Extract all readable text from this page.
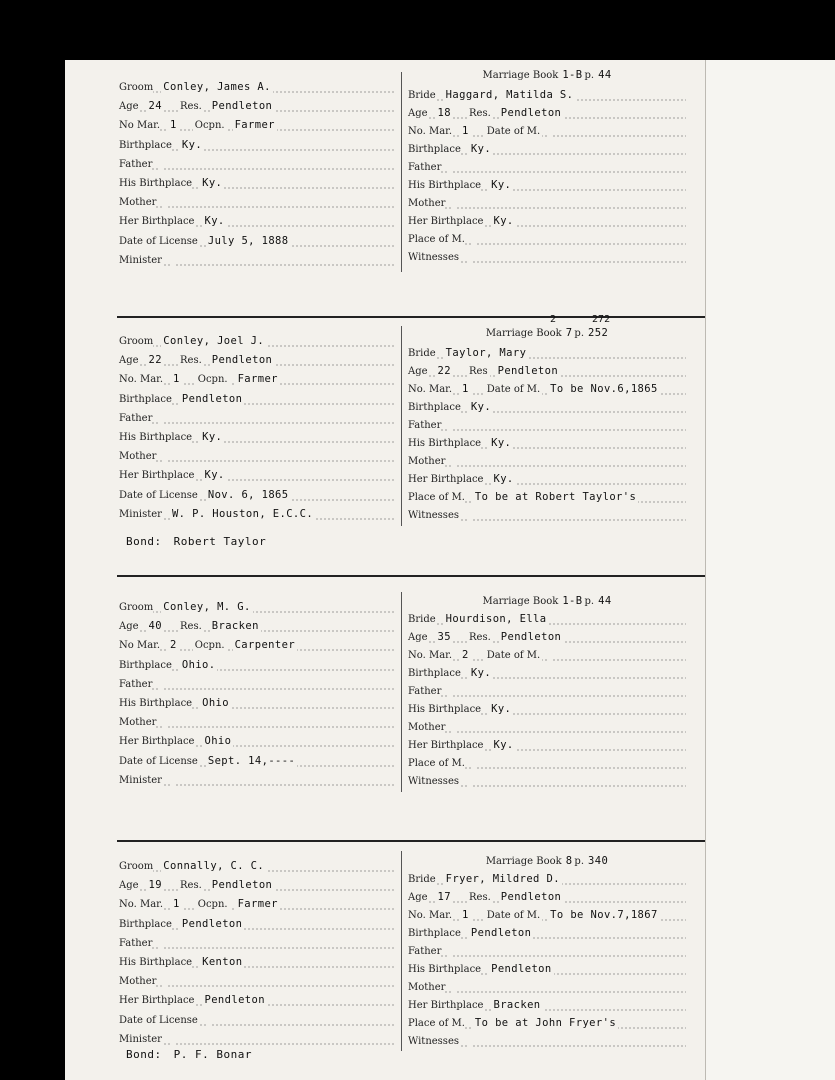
Groom Conley, James A.
Age 24 Res. Pendleton
No Mar. 1 Ocpn. Farmer
Birthplace Ky.
Father
His Birthplace Ky.
Mother
Her Birthplace Ky.
Date of License July 5, 1888
Minister
Marriage Book 1-B p. 44
Bride Haggard, Matilda S.
Age 18 Res. Pendleton
No. Mar. 1 Date of M.
Birthplace Ky.
Father
His Birthplace Ky.
Mother
Her Birthplace Ky.
Place of M.
Witnesses
Groom Conley, Joel J.
Age 22 Res. Pendleton
No. Mar. 1 Ocpn. Farmer
Birthplace Pendleton
Father
His Birthplace Ky.
Mother
Her Birthplace Ky.
Date of License Nov. 6, 1865
Minister W. P. Houston, E.C.C.
Marriage Book 7 p. 252
2	272
Bride Taylor, Mary
Age 22 Res Pendleton
No. Mar. 1 Date of M. To be Nov.6,1865
Birthplace Ky.
Father
His Birthplace Ky.
Mother
Her Birthplace Ky.
Place of M. To be at Robert Taylor's
Witnesses
Bond: Robert Taylor
Groom Conley, M. G.
Age 40 Res. Bracken
No Mar. 2 Ocpn. Carpenter
Birthplace Ohio.
Father
His Birthplace Ohio
Mother
Her Birthplace Ohio
Date of License Sept. 14,----
Minister
Marriage Book 1-B p. 44
Bride Hourdison, Ella
Age 35 Res. Pendleton
No. Mar. 2 Date of M.
Birthplace Ky.
Father
His Birthplace Ky.
Mother
Her Birthplace Ky.
Place of M.
Witnesses
Groom Connally, C. C.
Age 19 Res. Pendleton
No. Mar. 1 Ocpn. Farmer
Birthplace Pendleton
Father
His Birthplace Kenton
Mother
Her Birthplace Pendleton
Date of License
Minister
Marriage Book 8 p. 340
Bride Fryer, Mildred D.
Age 17 Res. Pendleton
No. Mar. 1 Date of M. To be Nov.7,1867
Birthplace Pendleton
Father
His Birthplace Pendleton
Mother
Her Birthplace Bracken
Place of M. To be at John Fryer's
Witnesses
Bond: P. F. Bonar
